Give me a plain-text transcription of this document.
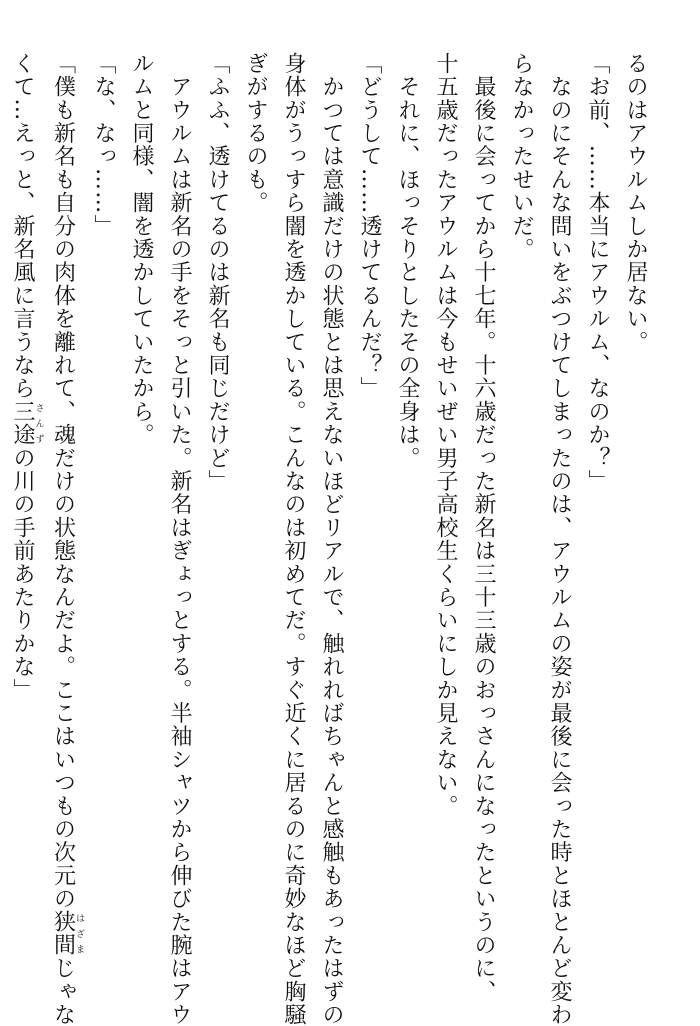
るのはアウルムしか居ない。
「お前、……本当にアウルム、なのか？」
　なのにそんな問いをぶつけてしまったのは、アウルムの姿が最後に会った時とほとんど変わ
らなかったせいだ。
　最後に会ってから十七年。十六歳だった新名は三十三歳のおっさんになったというのに、
十五歳だったアウルムは今もせいぜい男子高校生くらいにしか見えない。
　それに、ほっそりとしたその全身は。
「どうして……透けてるんだ？」
　かつては意識だけの状態とは思えないほどリアルで、触れればちゃんと感触もあったはずの
身体がうっすら闇を透かしている。こんなのは初めてだ。すぐ近くに居るのに奇妙なほど胸騒
ぎがするのも。
「ふふ、透けてるのは新名も同じだけど」
　アウルムは新名の手をそっと引いた。新名はぎょっとする。半袖シャツから伸びた腕はアウ
ルムと同様、闇を透かしていたから。
「な、なっ……」
「僕も新名も自分の肉体を離れて、魂だけの状態なんだよ。ここはいつもの次元の狭間はざまじゃな
くて…えっと、新名風に言うなら三途さんずの川の手前あたりかな」
